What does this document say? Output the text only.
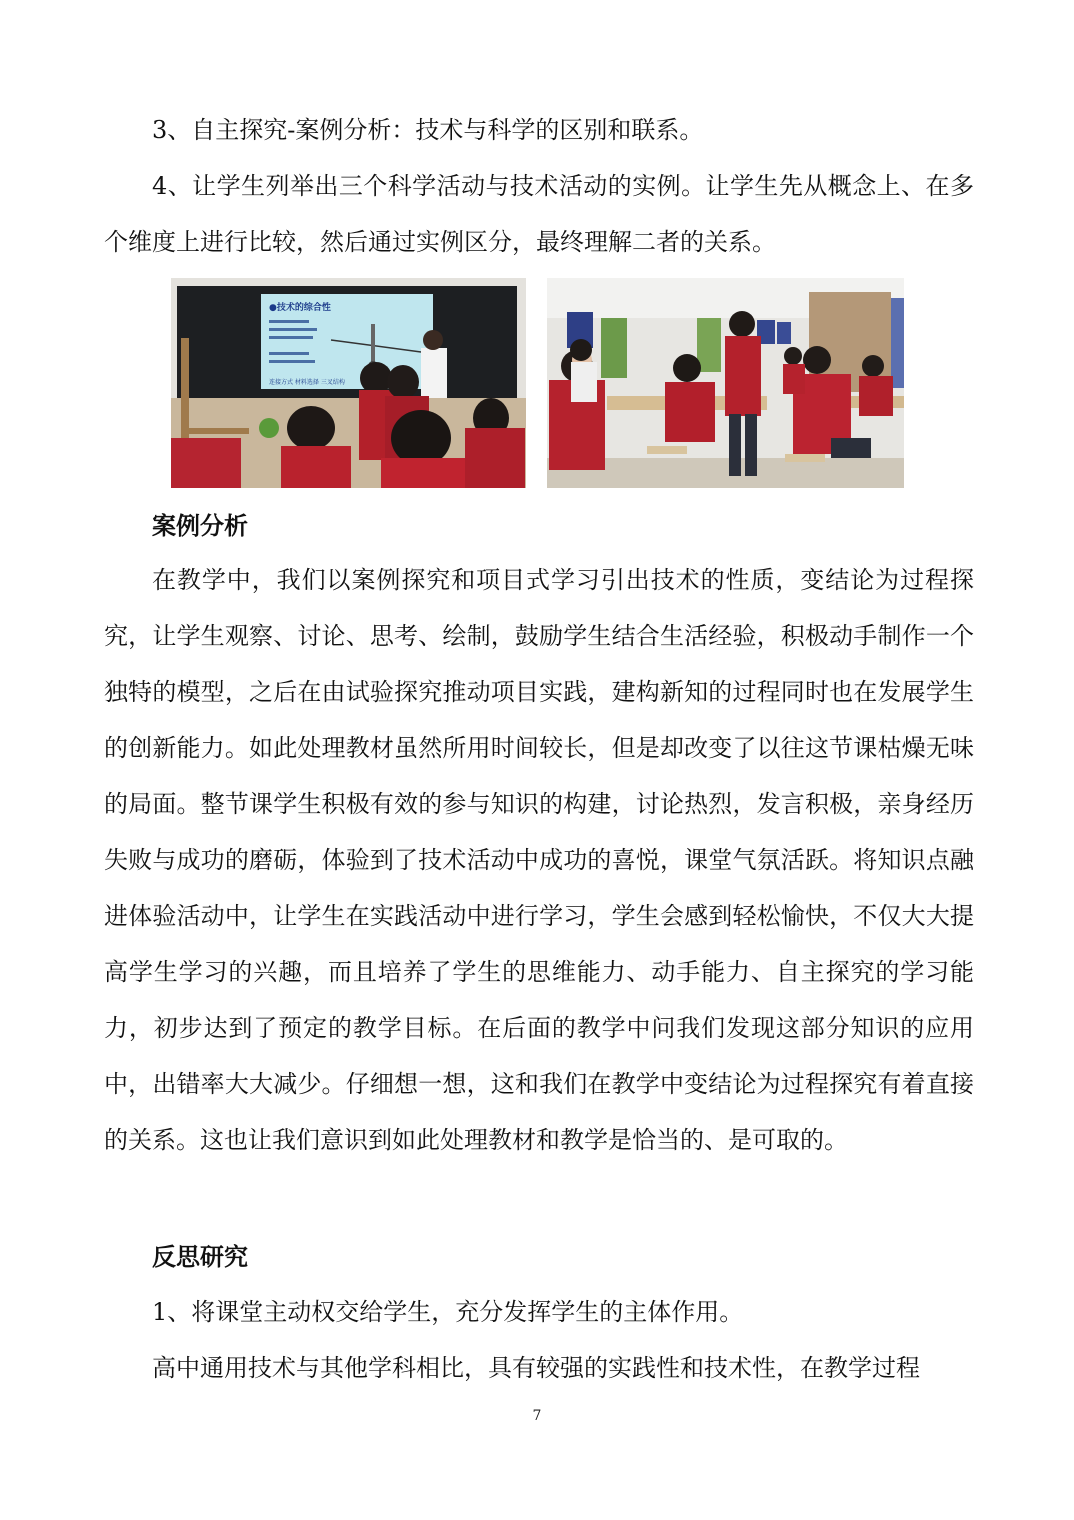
3、自主探究-案例分析：技术与科学的区别和联系。

4、让学生列举出三个科学活动与技术活动的实例。让学生先从概念上、在多个维度上进行比较，然后通过实例区分，最终理解二者的关系。

●技术的综合性
连接方式 材料选择 三叉结构
案例分析

在教学中，我们以案例探究和项目式学习引出技术的性质，变结论为过程探究，让学生观察、讨论、思考、绘制，鼓励学生结合生活经验，积极动手制作一个独特的模型，之后在由试验探究推动项目实践，建构新知的过程同时也在发展学生的创新能力。如此处理教材虽然所用时间较长，但是却改变了以往这节课枯燥无味的局面。整节课学生积极有效的参与知识的构建，讨论热烈，发言积极，亲身经历失败与成功的磨砺，体验到了技术活动中成功的喜悦，课堂气氛活跃。将知识点融进体验活动中，让学生在实践活动中进行学习，学生会感到轻松愉快，不仅大大提高学生学习的兴趣，而且培养了学生的思维能力、动手能力、自主探究的学习能力，初步达到了预定的教学目标。在后面的教学中问我们发现这部分知识的应用中，出错率大大减少。仔细想一想，这和我们在教学中变结论为过程探究有着直接的关系。这也让我们意识到如此处理教材和教学是恰当的、是可取的。

反思研究

1、将课堂主动权交给学生，充分发挥学生的主体作用。

高中通用技术与其他学科相比，具有较强的实践性和技术性，在教学过程

7
